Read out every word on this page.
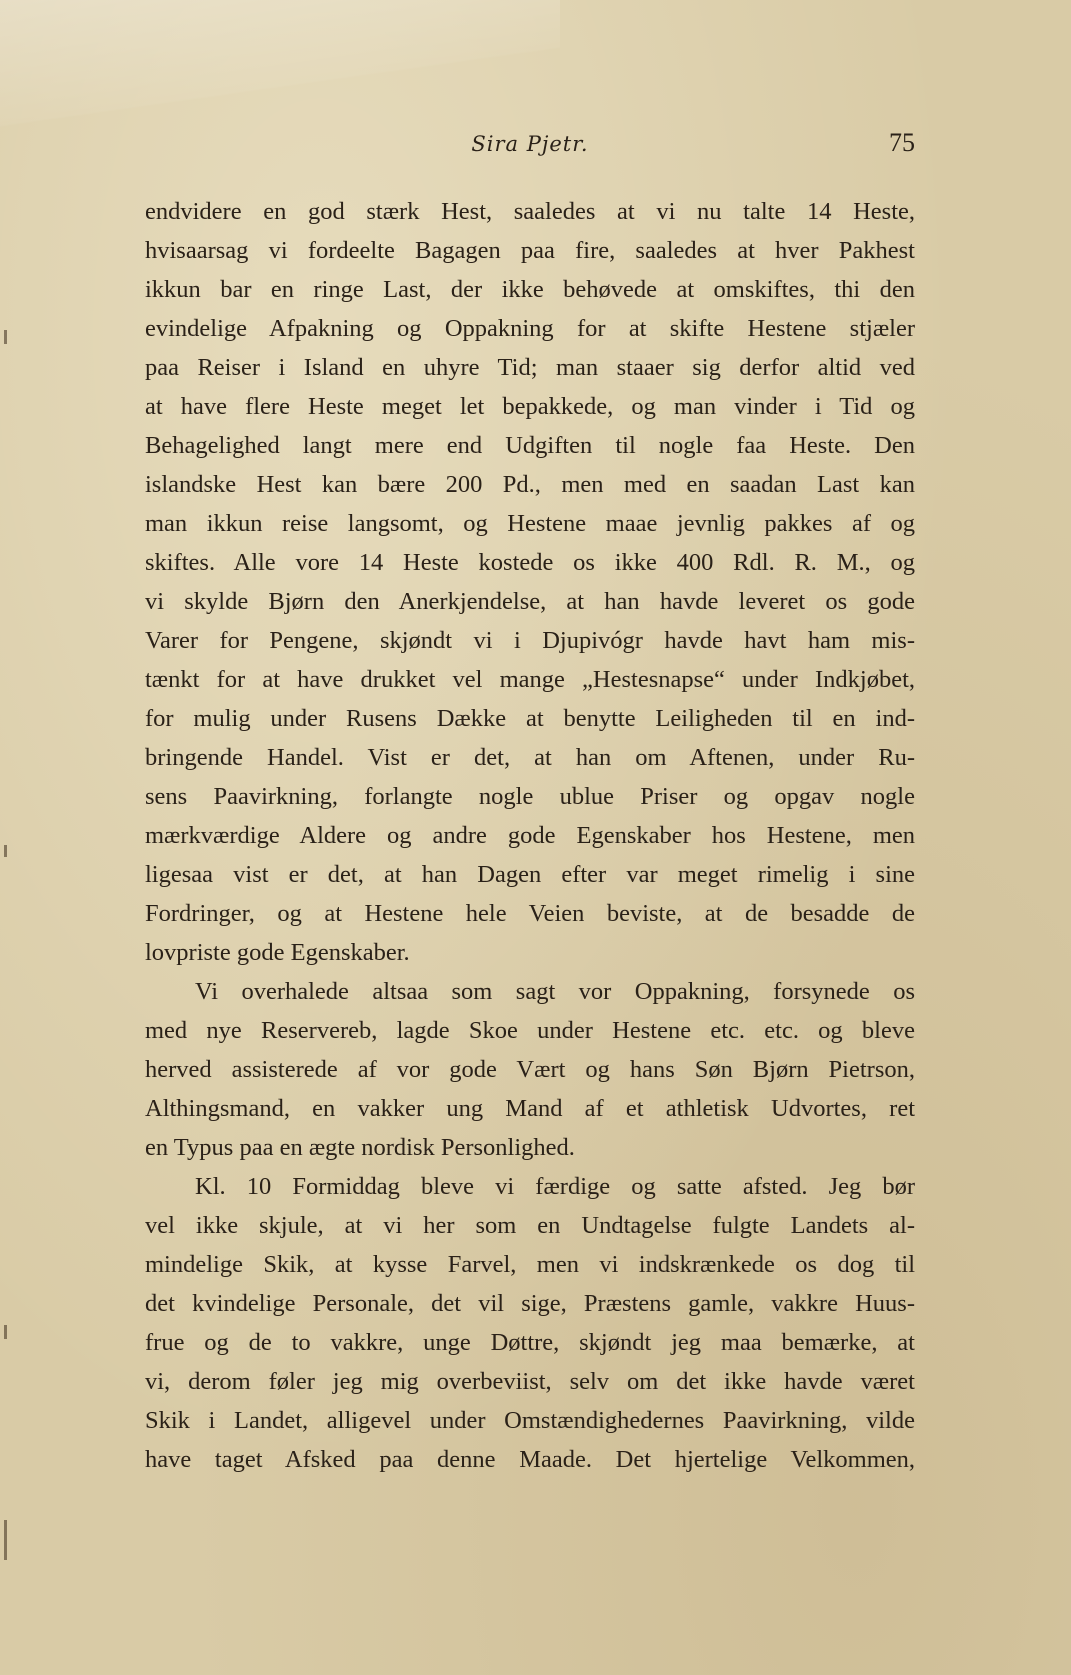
Sira Pjetr.	75
endvidere en god stærk Hest, saaledes at vi nu talte 14 Heste,
hvisaarsag vi fordeelte Bagagen paa fire, saaledes at hver Pakhest
ikkun bar en ringe Last, der ikke behøvede at omskiftes, thi den
evindelige Afpakning og Oppakning for at skifte Hestene stjæler
paa Reiser i Island en uhyre Tid; man staaer sig derfor altid ved
at have flere Heste meget let bepakkede, og man vinder i Tid og
Behagelighed langt mere end Udgiften til nogle faa Heste. Den
islandske Hest kan bære 200 Pd., men med en saadan Last kan
man ikkun reise langsomt, og Hestene maae jevnlig pakkes af og
skiftes. Alle vore 14 Heste kostede os ikke 400 Rdl. R. M., og
vi skylde Bjørn den Anerkjendelse, at han havde leveret os gode
Varer for Pengene, skjøndt vi i Djupivógr havde havt ham mis-
tænkt for at have drukket vel mange „Hestesnapse“ under Indkjøbet,
for mulig under Rusens Dække at benytte Leiligheden til en ind-
bringende Handel. Vist er det, at han om Aftenen, under Ru-
sens Paavirkning, forlangte nogle ublue Priser og opgav nogle
mærkværdige Aldere og andre gode Egenskaber hos Hestene, men
ligesaa vist er det, at han Dagen efter var meget rimelig i sine
Fordringer, og at Hestene hele Veien beviste, at de besadde de
lovpriste gode Egenskaber.
Vi overhalede altsaa som sagt vor Oppakning, forsynede os
med nye Reservereb, lagde Skoe under Hestene etc. etc. og bleve
herved assisterede af vor gode Vært og hans Søn Bjørn Pietrson,
Althingsmand, en vakker ung Mand af et athletisk Udvortes, ret
en Typus paa en ægte nordisk Personlighed.
Kl. 10 Formiddag bleve vi færdige og satte afsted. Jeg bør
vel ikke skjule, at vi her som en Undtagelse fulgte Landets al-
mindelige Skik, at kysse Farvel, men vi indskrænkede os dog til
det kvindelige Personale, det vil sige, Præstens gamle, vakkre Huus-
frue og de to vakkre, unge Døttre, skjøndt jeg maa bemærke, at
vi, derom føler jeg mig overbeviist, selv om det ikke havde været
Skik i Landet, alligevel under Omstændighedernes Paavirkning, vilde
have taget Afsked paa denne Maade. Det hjertelige Velkommen,
